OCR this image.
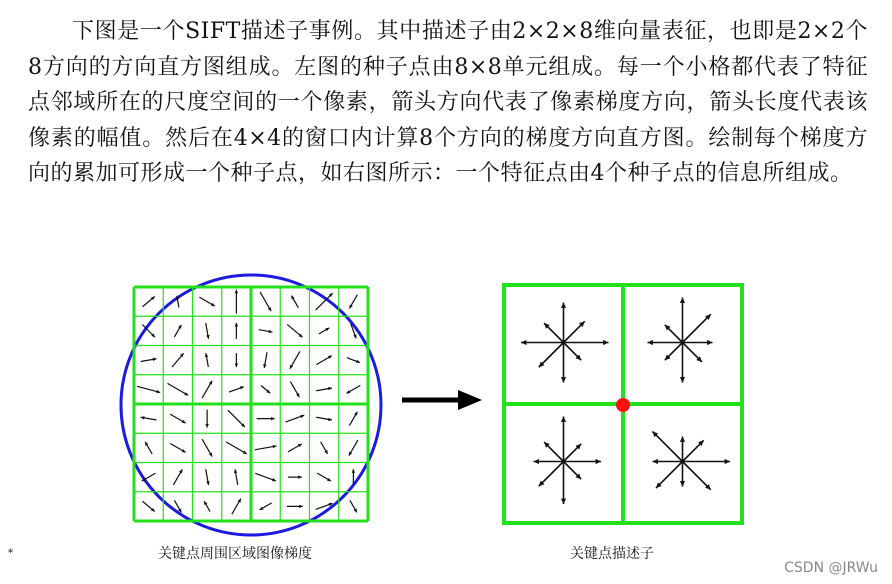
下图是一个SIFT描述子事例。其中描述子由2×2×8维向量表征，也即是2×2个8方向的方向直方图组成。左图的种子点由8×8单元组成。每一个小格都代表了特征点邻域所在的尺度空间的一个像素，箭头方向代表了像素梯度方向，箭头长度代表该像素的幅值。然后在4×4的窗口内计算8个方向的梯度方向直方图。绘制每个梯度方向的累加可形成一个种子点，如右图所示：一个特征点由4个种子点的信息所组成。

关键点周围区域图像梯度	关键点描述子
*
CSDN @JRWu
